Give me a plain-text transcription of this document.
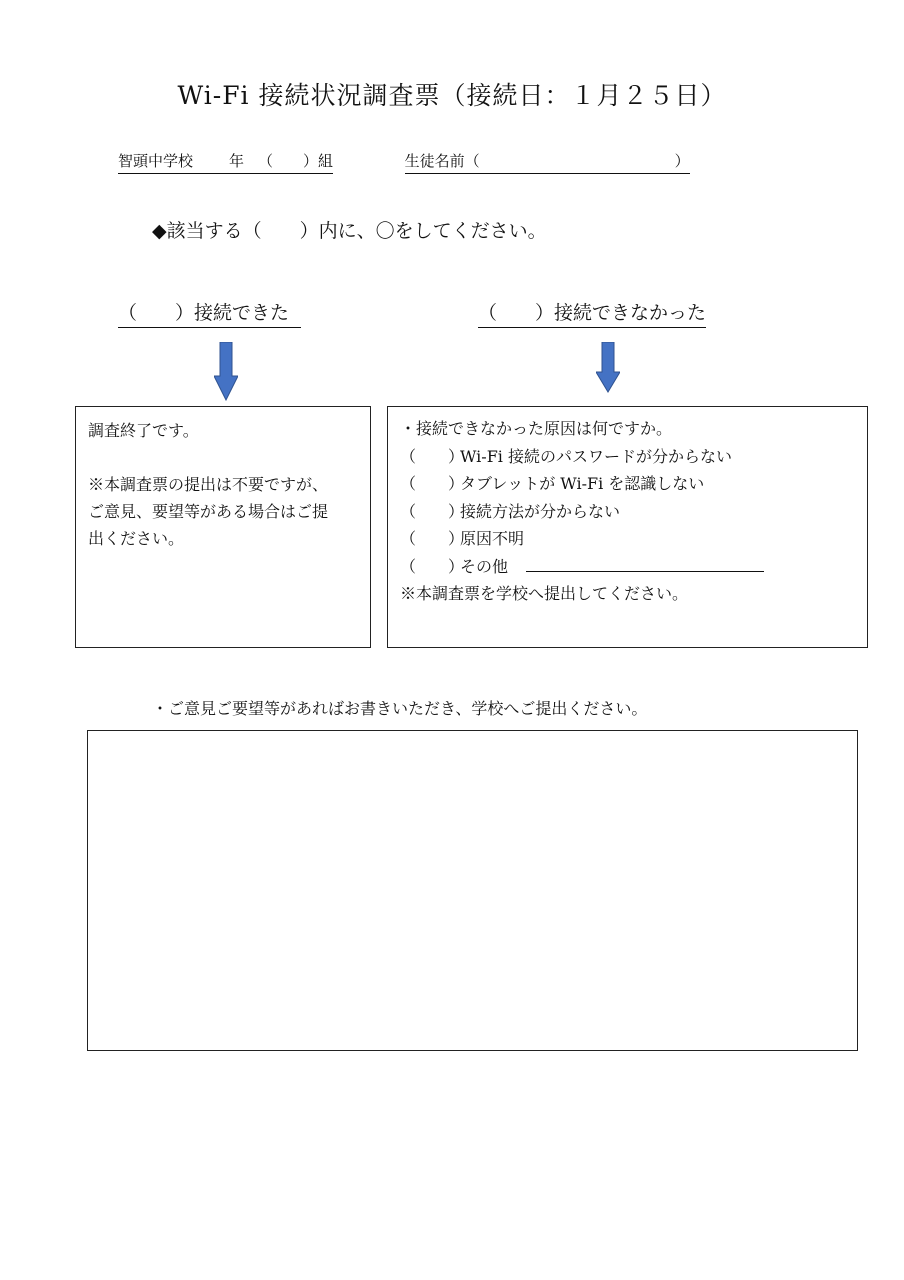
Wi-Fi 接続状況調査票（接続日：１月２５日）
智頭中学校 年 （　　）組	生徒名前（　　　　　　　　　　　　　）
◆該当する（　　）内に、〇をしてください。
（　　）接続できた	（　　）接続できなかった

調査終了です。

※本調査票の提出は不要ですが、

ご意見、要望等がある場合はご提

出ください。

・接続できなかった原因は何ですか。
（　　）Wi-Fi 接続のパスワードが分からない
（　　）タブレットが Wi-Fi を認識しない
（　　）接続方法が分からない
（　　）原因不明
（　　）その他
※本調査票を学校へ提出してください。
・ご意見ご要望等があればお書きいただき、学校へご提出ください。
